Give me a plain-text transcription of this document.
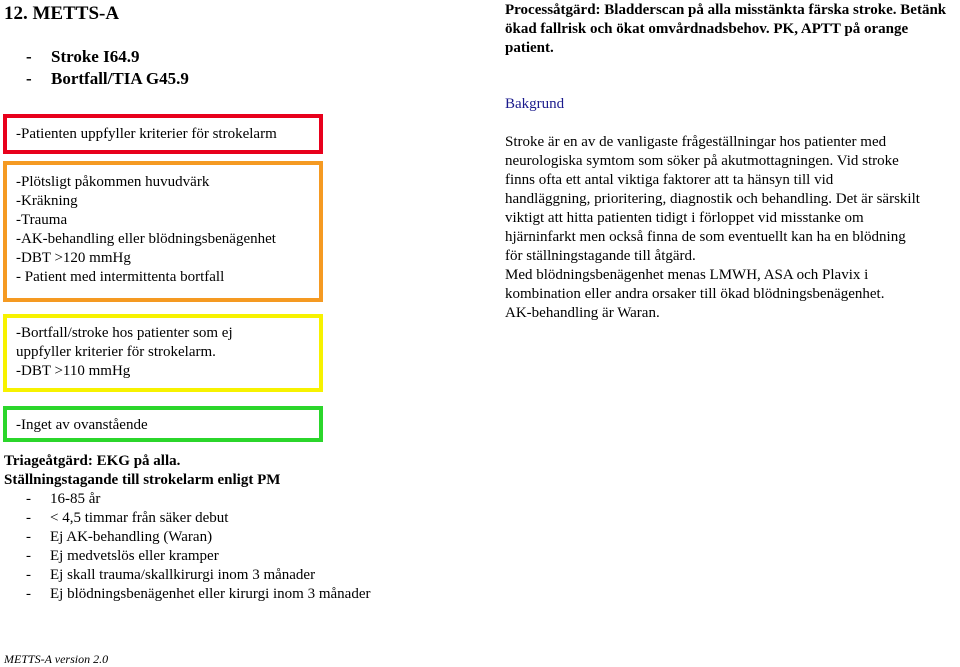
12. METTS-A
- Stroke I64.9
- Bortfall/TIA G45.9
-Patienten uppfyller kriterier för strokelarm
-Plötsligt påkommen huvudvärk
-Kräkning
-Trauma
-AK-behandling eller blödningsbenägenhet
-DBT >120 mmHg
- Patient med intermittenta bortfall
-Bortfall/stroke hos patienter som ej
uppfyller kriterier för strokelarm.
-DBT >110 mmHg
-Inget av ovanstående
Triageåtgärd: EKG på alla.
Ställningstagande till strokelarm enligt PM
- 16-85 år
- < 4,5 timmar från säker debut
- Ej AK-behandling (Waran)
- Ej medvetslös eller kramper
- Ej skall trauma/skallkirurgi inom 3 månader
- Ej blödningsbenägenhet eller kirurgi inom 3 månader
METTS-A version 2.0
Processåtgärd: Bladderscan på alla misstänkta färska stroke. Betänk ökad fallrisk och ökat omvårdnadsbehov. PK, APTT på orange patient.
Bakgrund
Stroke är en av de vanligaste frågeställningar hos patienter med
neurologiska symtom som söker på akutmottagningen. Vid stroke
finns ofta ett antal viktiga faktorer att ta hänsyn till vid
handläggning, prioritering, diagnostik och behandling. Det är särskilt
viktigt att hitta patienten tidigt i förloppet vid misstanke om
hjärninfarkt men också finna de som eventuellt kan ha en blödning
för ställningstagande till åtgärd.
Med blödningsbenägenhet menas LMWH, ASA och Plavix i
kombination eller andra orsaker till ökad blödningsbenägenhet.
AK-behandling är Waran.
